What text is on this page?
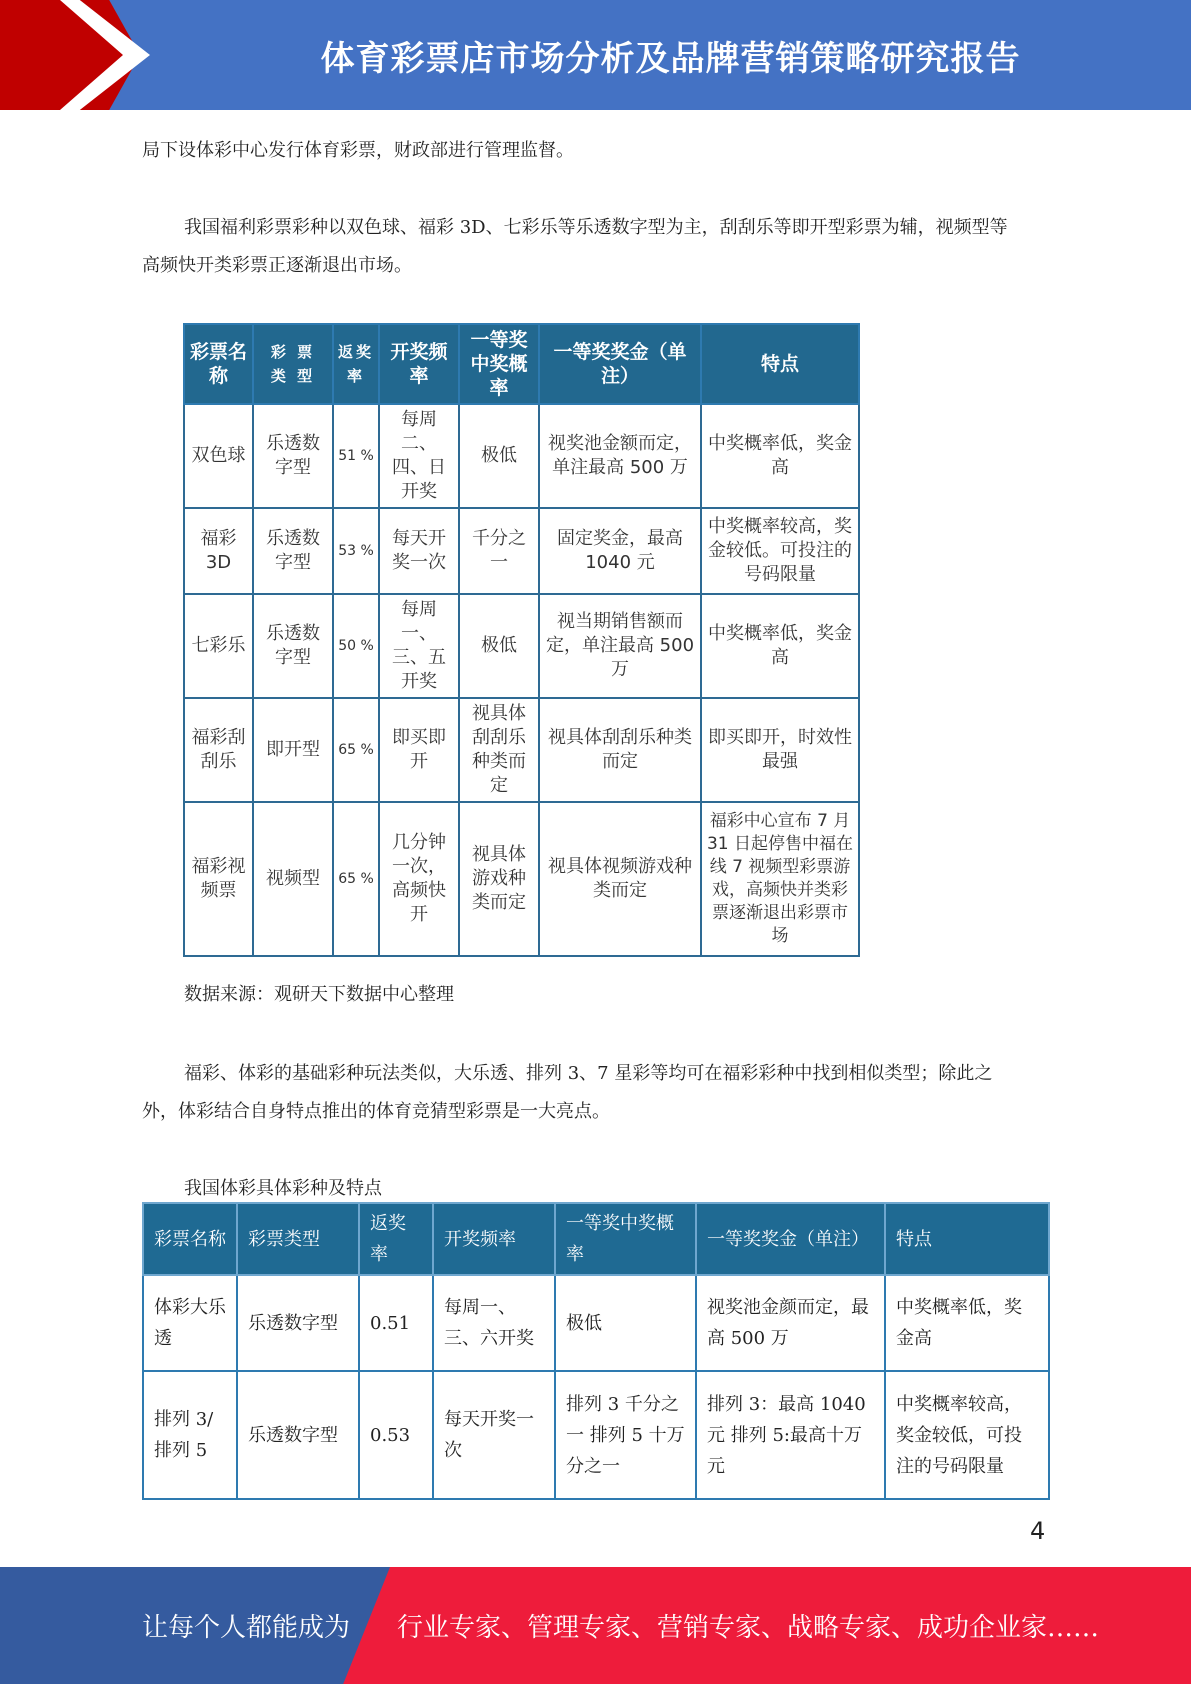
体育彩票店市场分析及品牌营销策略研究报告

局下设体彩中心发行体育彩票，财政部进行管理监督。

我国福利彩票彩种以双色球、福彩 3D、七彩乐等乐透数字型为主，刮刮乐等即开型彩票为辅，视频型等高频快开类彩票正逐渐退出市场。

彩票名称	彩 票 类 型	返奖率	开奖频率	一等奖中奖概率	一等奖奖金（单注）	特点
双色球	乐透数字型	51 %	每周二、四、日开奖	极低	视奖池金额而定，单注最高 500 万	中奖概率低，奖金高
福彩 3D	乐透数字型	53 %	每天开奖一次	千分之一	固定奖金，最高 1040 元	中奖概率较高，奖金较低。可投注的号码限量
七彩乐	乐透数字型	50 %	每周一、三、五开奖	极低	视当期销售额而定，单注最高 500 万	中奖概率低，奖金高
福彩刮刮乐	即开型	65 %	即买即开	视具体刮刮乐种类而定	视具体刮刮乐种类而定	即买即开，时效性最强
福彩视频票	视频型	65 %	几分钟一次，高频快开	视具体游戏种类而定	视具体视频游戏种类而定	福彩中心宣布 7 月 31 日起停售中福在线 7 视频型彩票游戏，高频快并类彩票逐渐退出彩票市场

数据来源：观研天下数据中心整理

福彩、体彩的基础彩种玩法类似，大乐透、排列 3、7 星彩等均可在福彩彩种中找到相似类型；除此之外，体彩结合自身特点推出的体育竞猜型彩票是一大亮点。

我国体彩具体彩种及特点

彩票名称	彩票类型	返奖率	开奖频率	一等奖中奖概率	一等奖奖金（单注）	特点
体彩大乐透	乐透数字型	0.51	每周一、三、六开奖	极低	视奖池金颜而定，最高 500 万	中奖概率低，奖金高
排列 3/排列 5	乐透数字型	0.53	每天开奖一次	排列 3 千分之一 排列 5 十万分之一	排列 3：最高 1040 元 排列 5:最高十万元	中奖概率较高，奖金较低，可投注的号码限量
4
让每个人都能成为 行业专家、管理专家、营销专家、战略专家、成功企业家……
